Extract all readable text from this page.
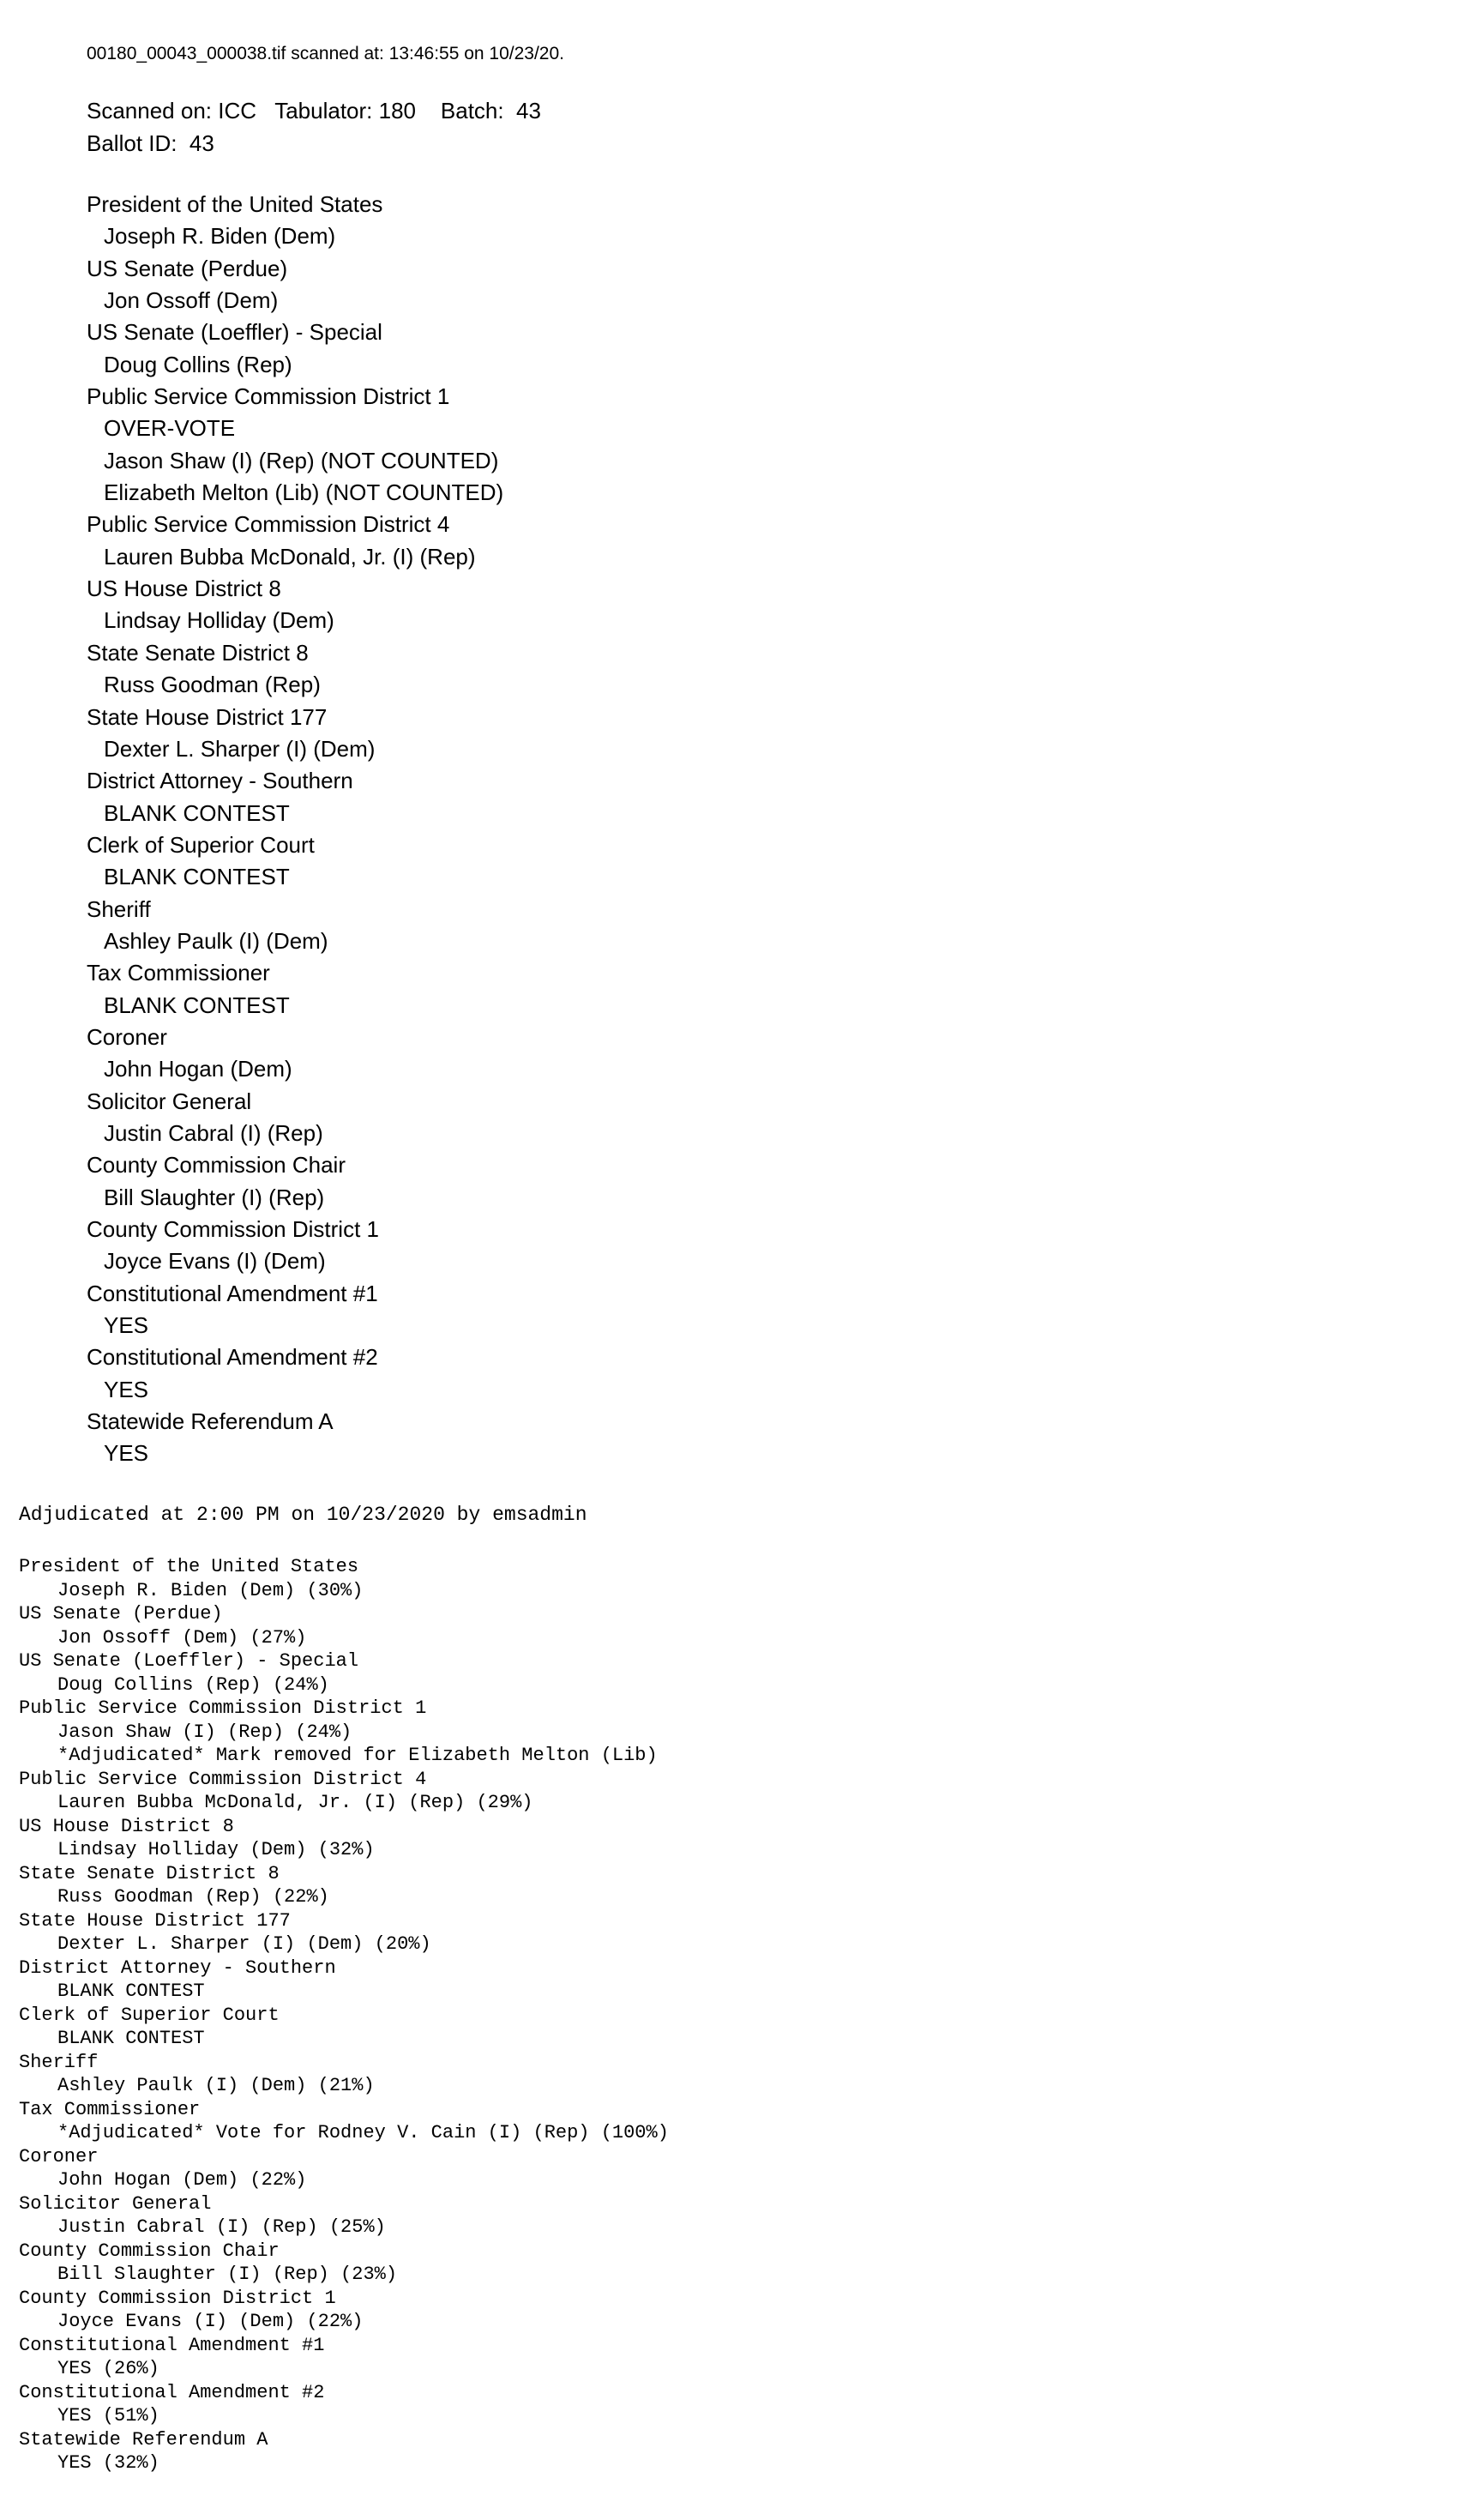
00180_00043_000038.tif scanned at: 13:46:55 on 10/23/20.
Scanned on: ICC   Tabulator: 180    Batch:  43
Ballot ID:  43
President of the United States
Joseph R. Biden (Dem)
US Senate (Perdue)
Jon Ossoff (Dem)
US Senate (Loeffler) - Special
Doug Collins (Rep)
Public Service Commission District 1
OVER-VOTE
Jason Shaw (I) (Rep) (NOT COUNTED)
Elizabeth Melton (Lib) (NOT COUNTED)
Public Service Commission District 4
Lauren Bubba McDonald, Jr. (I) (Rep)
US House District 8
Lindsay Holliday (Dem)
State Senate District 8
Russ Goodman (Rep)
State House District 177
Dexter L. Sharper (I) (Dem)
District Attorney - Southern
BLANK CONTEST
Clerk of Superior Court
BLANK CONTEST
Sheriff
Ashley Paulk (I) (Dem)
Tax Commissioner
BLANK CONTEST
Coroner
John Hogan (Dem)
Solicitor General
Justin Cabral (I) (Rep)
County Commission Chair
Bill Slaughter (I) (Rep)
County Commission District 1
Joyce Evans (I) (Dem)
Constitutional Amendment #1
YES
Constitutional Amendment #2
YES
Statewide Referendum A
YES
Adjudicated at 2:00 PM on 10/23/2020 by emsadmin
President of the United States
Joseph R. Biden (Dem) (30%)
US Senate (Perdue)
Jon Ossoff (Dem) (27%)
US Senate (Loeffler) - Special
Doug Collins (Rep) (24%)
Public Service Commission District 1
Jason Shaw (I) (Rep) (24%)
*Adjudicated* Mark removed for Elizabeth Melton (Lib)
Public Service Commission District 4
Lauren Bubba McDonald, Jr. (I) (Rep) (29%)
US House District 8
Lindsay Holliday (Dem) (32%)
State Senate District 8
Russ Goodman (Rep) (22%)
State House District 177
Dexter L. Sharper (I) (Dem) (20%)
District Attorney - Southern
BLANK CONTEST
Clerk of Superior Court
BLANK CONTEST
Sheriff
Ashley Paulk (I) (Dem) (21%)
Tax Commissioner
*Adjudicated* Vote for Rodney V. Cain (I) (Rep) (100%)
Coroner
John Hogan (Dem) (22%)
Solicitor General
Justin Cabral (I) (Rep) (25%)
County Commission Chair
Bill Slaughter (I) (Rep) (23%)
County Commission District 1
Joyce Evans (I) (Dem) (22%)
Constitutional Amendment #1
YES (26%)
Constitutional Amendment #2
YES (51%)
Statewide Referendum A
YES (32%)
